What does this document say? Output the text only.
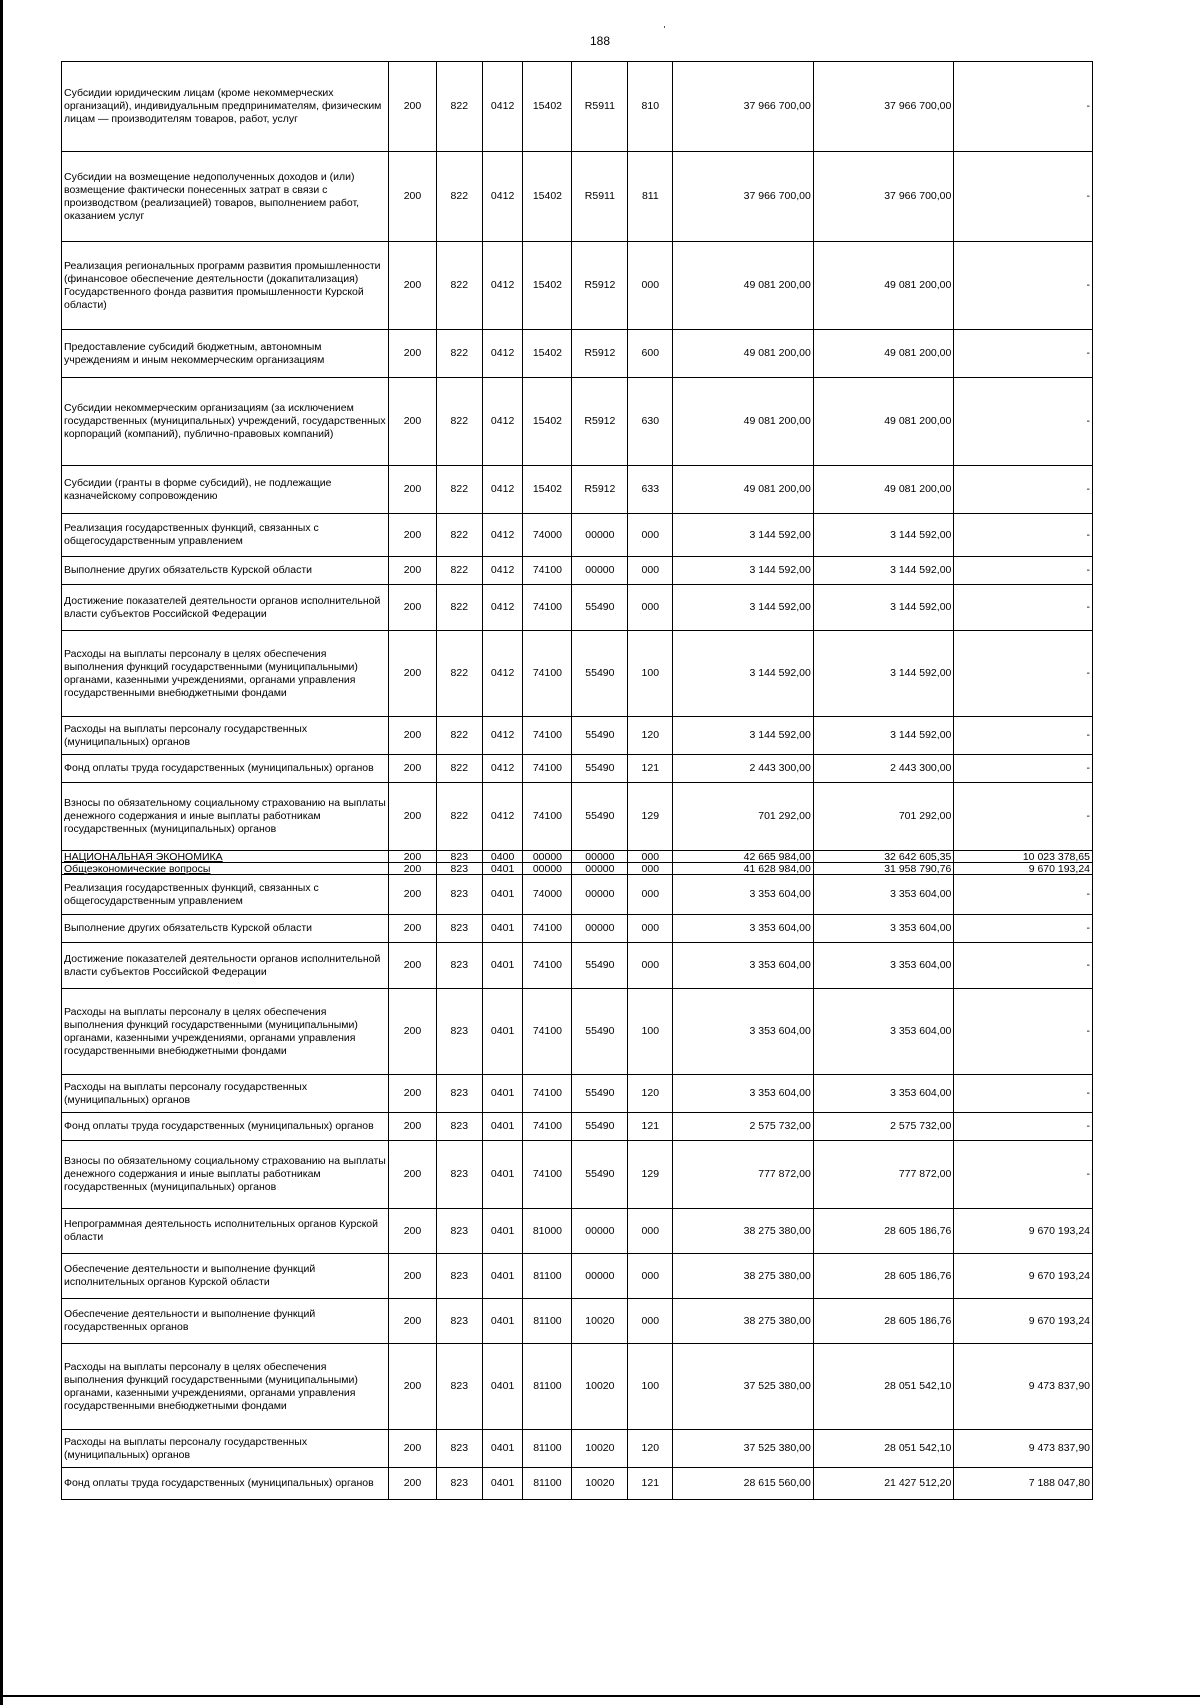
188
Субсидии юридическим лицам (кроме некоммерческих организаций), индивидуальным предпринимателям, физическим лицам — производителям товаров, работ, услуг	200	822	0412	15402	R5911	810	37 966 700,00	37 966 700,00	-
Субсидии на возмещение недополученных доходов и (или) возмещение фактически понесенных затрат в связи с производством (реализацией) товаров, выполнением работ, оказанием услуг	200	822	0412	15402	R5911	811	37 966 700,00	37 966 700,00	-
Реализация региональных программ развития промышленности (финансовое обеспечение деятельности (докапитализация) Государственного фонда развития промышленности Курской области)	200	822	0412	15402	R5912	000	49 081 200,00	49 081 200,00	-
Предоставление субсидий бюджетным, автономным учреждениям и иным некоммерческим организациям	200	822	0412	15402	R5912	600	49 081 200,00	49 081 200,00	-
Субсидии некоммерческим организациям (за исключением государственных (муниципальных) учреждений, государственных корпораций (компаний), публично-правовых компаний)	200	822	0412	15402	R5912	630	49 081 200,00	49 081 200,00	-
Субсидии (гранты в форме субсидий), не подлежащие казначейскому сопровождению	200	822	0412	15402	R5912	633	49 081 200,00	49 081 200,00	-
Реализация государственных функций, связанных с общегосударственным управлением	200	822	0412	74000	00000	000	3 144 592,00	3 144 592,00	-
Выполнение других обязательств Курской области	200	822	0412	74100	00000	000	3 144 592,00	3 144 592,00	-
Достижение показателей деятельности органов исполнительной власти субъектов Российской Федерации	200	822	0412	74100	55490	000	3 144 592,00	3 144 592,00	-
Расходы на выплаты персоналу в целях обеспечения выполнения функций государственными (муниципальными) органами, казенными учреждениями, органами управления государственными внебюджетными фондами	200	822	0412	74100	55490	100	3 144 592,00	3 144 592,00	-
Расходы на выплаты персоналу государственных (муниципальных) органов	200	822	0412	74100	55490	120	3 144 592,00	3 144 592,00	-
Фонд оплаты труда государственных (муниципальных) органов	200	822	0412	74100	55490	121	2 443 300,00	2 443 300,00	-
Взносы по обязательному социальному страхованию на выплаты денежного содержания и иные выплаты работникам государственных (муниципальных) органов	200	822	0412	74100	55490	129	701 292,00	701 292,00	-
НАЦИОНАЛЬНАЯ ЭКОНОМИКА	200	823	0400	00000	00000	000	42 665 984,00	32 642 605,35	10 023 378,65
Общеэкономические вопросы	200	823	0401	00000	00000	000	41 628 984,00	31 958 790,76	9 670 193,24
Реализация государственных функций, связанных с общегосударственным управлением	200	823	0401	74000	00000	000	3 353 604,00	3 353 604,00	-
Выполнение других обязательств Курской области	200	823	0401	74100	00000	000	3 353 604,00	3 353 604,00	-
Достижение показателей деятельности органов исполнительной власти субъектов Российской Федерации	200	823	0401	74100	55490	000	3 353 604,00	3 353 604,00	-
Расходы на выплаты персоналу в целях обеспечения выполнения функций государственными (муниципальными) органами, казенными учреждениями, органами управления государственными внебюджетными фондами	200	823	0401	74100	55490	100	3 353 604,00	3 353 604,00	-
Расходы на выплаты персоналу государственных (муниципальных) органов	200	823	0401	74100	55490	120	3 353 604,00	3 353 604,00	-
Фонд оплаты труда государственных (муниципальных) органов	200	823	0401	74100	55490	121	2 575 732,00	2 575 732,00	-
Взносы по обязательному социальному страхованию на выплаты денежного содержания и иные выплаты работникам государственных (муниципальных) органов	200	823	0401	74100	55490	129	777 872,00	777 872,00	-
Непрограммная деятельность исполнительных органов Курской области	200	823	0401	81000	00000	000	38 275 380,00	28 605 186,76	9 670 193,24
Обеспечение деятельности и выполнение функций исполнительных органов Курской области	200	823	0401	81100	00000	000	38 275 380,00	28 605 186,76	9 670 193,24
Обеспечение деятельности и выполнение функций государственных органов	200	823	0401	81100	10020	000	38 275 380,00	28 605 186,76	9 670 193,24
Расходы на выплаты персоналу в целях обеспечения выполнения функций государственными (муниципальными) органами, казенными учреждениями, органами управления государственными внебюджетными фондами	200	823	0401	81100	10020	100	37 525 380,00	28 051 542,10	9 473 837,90
Расходы на выплаты персоналу государственных (муниципальных) органов	200	823	0401	81100	10020	120	37 525 380,00	28 051 542,10	9 473 837,90
Фонд оплаты труда государственных (муниципальных) органов	200	823	0401	81100	10020	121	28 615 560,00	21 427 512,20	7 188 047,80
